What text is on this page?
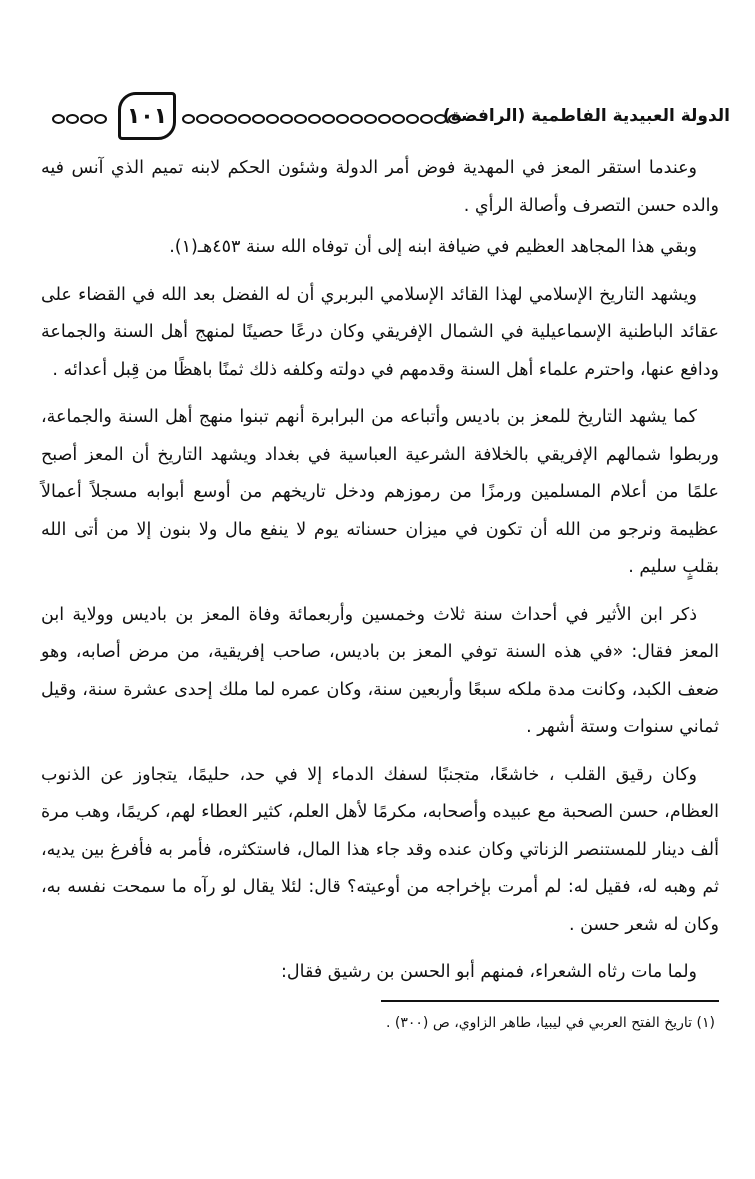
الدولة العبيدية الفاطمية (الرافضة)
١٠١

وعندما استقر المعز في المهدية فوض أمر الدولة وشئون الحكم لابنه تميم الذي آنس فيه والده حسن التصرف وأصالة الرأي .

وبقي هذا المجاهد العظيم في ضيافة ابنه إلى أن توفاه الله سنة ٤٥٣هـ(١).

ويشهد التاريخ الإسلامي لهذا القائد الإسلامي البربري أن له الفضل بعد الله في القضاء على عقائد الباطنية الإسماعيلية في الشمال الإفريقي وكان درعًا حصينًا لمنهج أهل السنة والجماعة ودافع عنها، واحترم علماء أهل السنة وقدمهم في دولته وكلفه ذلك ثمنًا باهظًا من قِبل أعدائه .

كما يشهد التاريخ للمعز بن باديس وأتباعه من البرابرة أنهم تبنوا منهج أهل السنة والجماعة، وربطوا شمالهم الإفريقي بالخلافة الشرعية العباسية في بغداد ويشهد التاريخ أن المعز أصبح علمًا من أعلام المسلمين ورمزًا من رموزهم ودخل تاريخهم من أوسع أبوابه مسجلاً أعمالاً عظيمة ونرجو من الله أن تكون في ميزان حسناته يوم لا ينفع مال ولا بنون إلا من أتى الله بقلبٍ سليم .

ذكر ابن الأثير في أحداث سنة ثلاث وخمسين وأربعمائة وفاة المعز بن باديس وولاية ابن المعز فقال: «في هذه السنة توفي المعز بن باديس، صاحب إفريقية، من مرض أصابه، وهو ضعف الكبد، وكانت مدة ملكه سبعًا وأربعين سنة، وكان عمره لما ملك إحدى عشرة سنة، وقيل ثماني سنوات وستة أشهر .

وكان رقيق القلب ، خاشعًا، متجنبًا لسفك الدماء إلا في حد، حليمًا، يتجاوز عن الذنوب العظام، حسن الصحبة مع عبيده وأصحابه، مكرمًا لأهل العلم، كثير العطاء لهم، كريمًا، وهب مرة ألف دينار للمستنصر الزناتي وكان عنده وقد جاء هذا المال، فاستكثره، فأمر به فأفرغ بين يديه، ثم وهبه له، فقيل له: لم أمرت بإخراجه من أوعيته؟ قال: لئلا يقال لو رآه ما سمحت نفسه به، وكان له شعر حسن .

ولما مات رثاه الشعراء، فمنهم أبو الحسن بن رشيق فقال:

(١) تاريخ الفتح العربي في ليبيا، طاهر الزاوي، ص (٣٠٠) .
